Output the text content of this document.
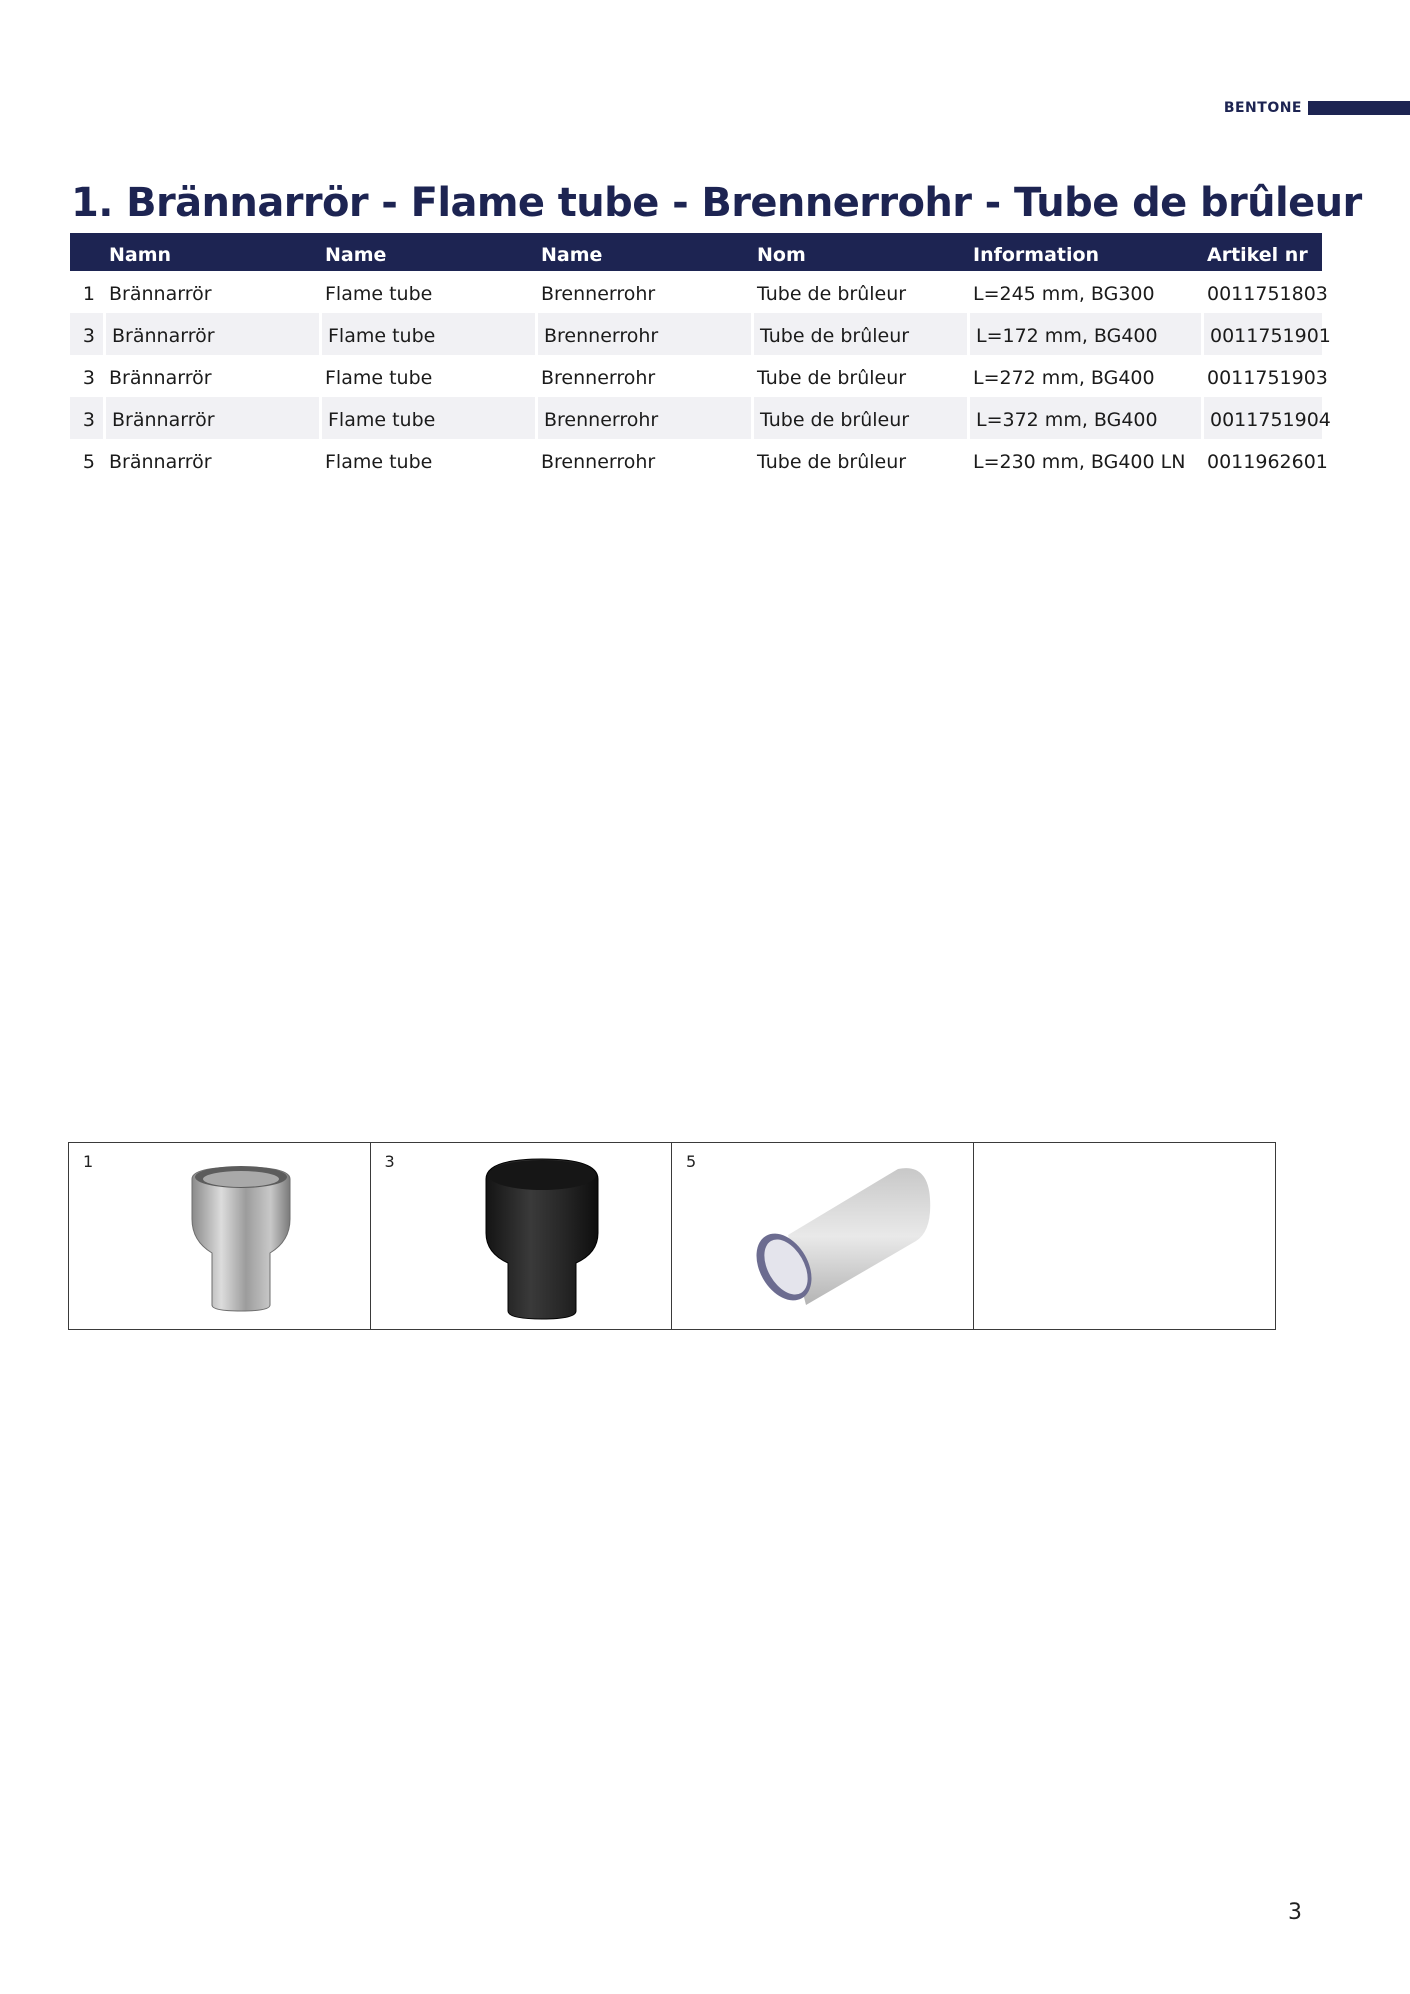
BENTONE
1. Brännarrör - Flame tube - Brennerrohr - Tube de brûleur
	Namn	Name	Name	Nom	Information	Artikel nr
1	Brännarrör	Flame tube	Brennerrohr	Tube de brûleur	L=245 mm, BG300	0011751803
3	Brännarrör	Flame tube	Brennerrohr	Tube de brûleur	L=172 mm, BG400	0011751901
3	Brännarrör	Flame tube	Brennerrohr	Tube de brûleur	L=272 mm, BG400	0011751903
3	Brännarrör	Flame tube	Brennerrohr	Tube de brûleur	L=372 mm, BG400	0011751904
5	Brännarrör	Flame tube	Brennerrohr	Tube de brûleur	L=230 mm, BG400 LN	0011962601
1	3	5
3
